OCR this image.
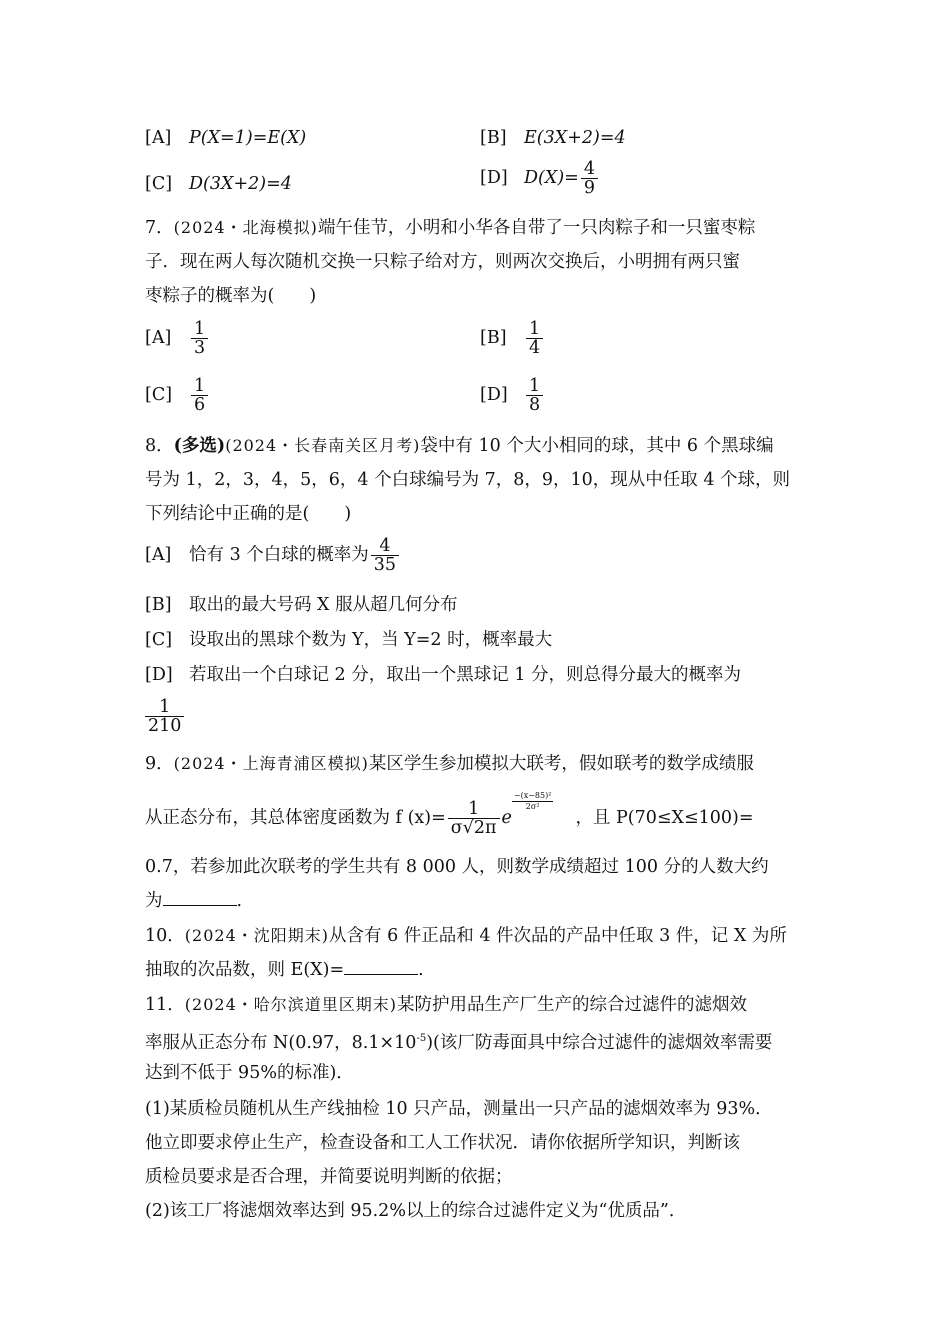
[A] P(X=1)=E(X)	[B] E(3X+2)=4
[C] D(3X+2)=4	[D] $D(X)= \frac{4}{9}$
7．(2024・北海模拟)端午佳节，小明和小华各自带了一只肉粽子和一只蜜枣粽
子．现在两人每次随机交换一只粽子给对方，则两次交换后，小明拥有两只蜜
枣粽子的概率为(　　)
$[A] \frac{1}{3}$	$[B] \frac{1}{4}$
$[C] \frac{1}{6}$	$[D] \frac{1}{8}$
8．(多选)(2024・长春南关区月考)袋中有 10 个大小相同的球，其中 6 个黑球编
号为 1，2，3，4，5，6，4 个白球编号为 7，8，9，10，现从中任取 4 个球，则
下列结论中正确的是(　　)
[A] 恰有 3 个白球的概率为 $\frac{4}{35}$
[B] 取出的最大号码 X 服从超几何分布
[C] 设取出的黑球个数为 Y，当 Y=2 时，概率最大
[D] 若取出一个白球记 2 分，取出一个黑球记 1 分，则总得分最大的概率为
$\frac{1}{210}$
9．(2024・上海青浦区模拟)某区学生参加模拟大联考，假如联考的数学成绩服
从正态分布，其总体密度函数为 f $(x)= \frac{1}{\sigma√2\pi}$ e
$\frac{\text{−(x−85)²}}{\text{2σ²}}$
，且 P(70≤X≤100)=
0.7，若参加此次联考的学生共有 8 000 人，则数学成绩超过 100 分的人数大约
为	.
10．(2024・沈阳期末)从含有 6 件正品和 4 件次品的产品中任取 3 件，记 X 为所
抽取的次品数，则 E(X)=	.
11．(2024・哈尔滨道里区期末)某防护用品生产厂生产的综合过滤件的滤烟效
率服从正态分布 N(0.97，$8.1\times 10^{-5}$)(该厂防毒面具中综合过滤件的滤烟效率需要
达到不低于 95%的标准)．
(1)某质检员随机从生产线抽检 10 只产品，测量出一只产品的滤烟效率为 93%．
他立即要求停止生产，检查设备和工人工作状况．请你依据所学知识，判断该
质检员要求是否合理，并简要说明判断的依据；
(2)该工厂将滤烟效率达到 95.2%以上的综合过滤件定义为“优质品”．
